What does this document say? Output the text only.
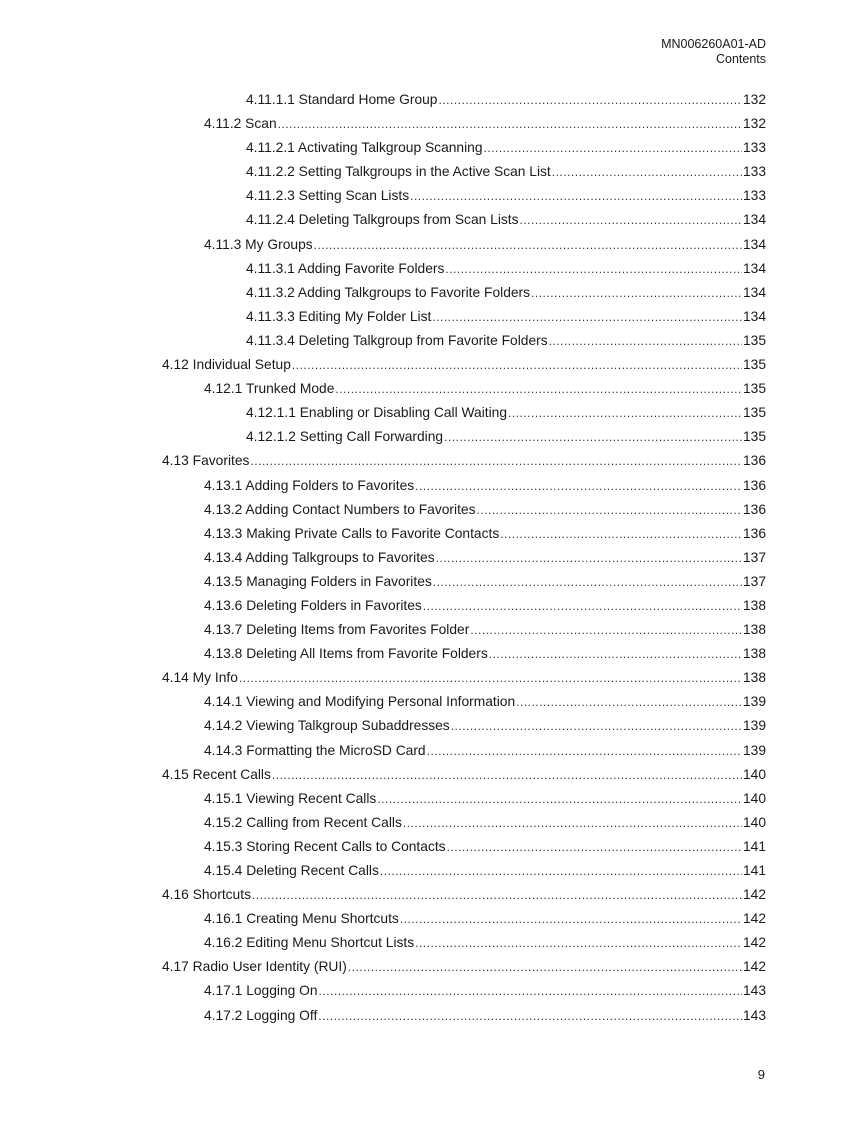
MN006260A01-AD
Contents
4.11.1.1 Standard Home Group .....	132
4.11.2 Scan .....	132
4.11.2.1 Activating Talkgroup Scanning .....	133
4.11.2.2 Setting Talkgroups in the Active Scan List .....	133
4.11.2.3 Setting Scan Lists .....	133
4.11.2.4 Deleting Talkgroups from Scan Lists .....	134
4.11.3 My Groups .....	134
4.11.3.1 Adding Favorite Folders .....	134
4.11.3.2 Adding Talkgroups to Favorite Folders .....	134
4.11.3.3 Editing My Folder List .....	134
4.11.3.4 Deleting Talkgroup from Favorite Folders .....	135
4.12 Individual Setup .....	135
4.12.1 Trunked Mode .....	135
4.12.1.1 Enabling or Disabling Call Waiting .....	135
4.12.1.2 Setting Call Forwarding .....	135
4.13 Favorites .....	136
4.13.1 Adding Folders to Favorites .....	136
4.13.2 Adding Contact Numbers to Favorites .....	136
4.13.3 Making Private Calls to Favorite Contacts .....	136
4.13.4 Adding Talkgroups to Favorites .....	137
4.13.5 Managing Folders in Favorites .....	137
4.13.6 Deleting Folders in Favorites .....	138
4.13.7 Deleting Items from Favorites Folder .....	138
4.13.8 Deleting All Items from Favorite Folders .....	138
4.14 My Info .....	138
4.14.1 Viewing and Modifying Personal Information .....	139
4.14.2 Viewing Talkgroup Subaddresses .....	139
4.14.3 Formatting the MicroSD Card .....	139
4.15 Recent Calls .....	140
4.15.1 Viewing Recent Calls .....	140
4.15.2 Calling from Recent Calls .....	140
4.15.3 Storing Recent Calls to Contacts .....	141
4.15.4 Deleting Recent Calls .....	141
4.16 Shortcuts .....	142
4.16.1 Creating Menu Shortcuts .....	142
4.16.2 Editing Menu Shortcut Lists .....	142
4.17 Radio User Identity (RUI) .....	142
4.17.1 Logging On .....	143
4.17.2 Logging Off .....	143
9
